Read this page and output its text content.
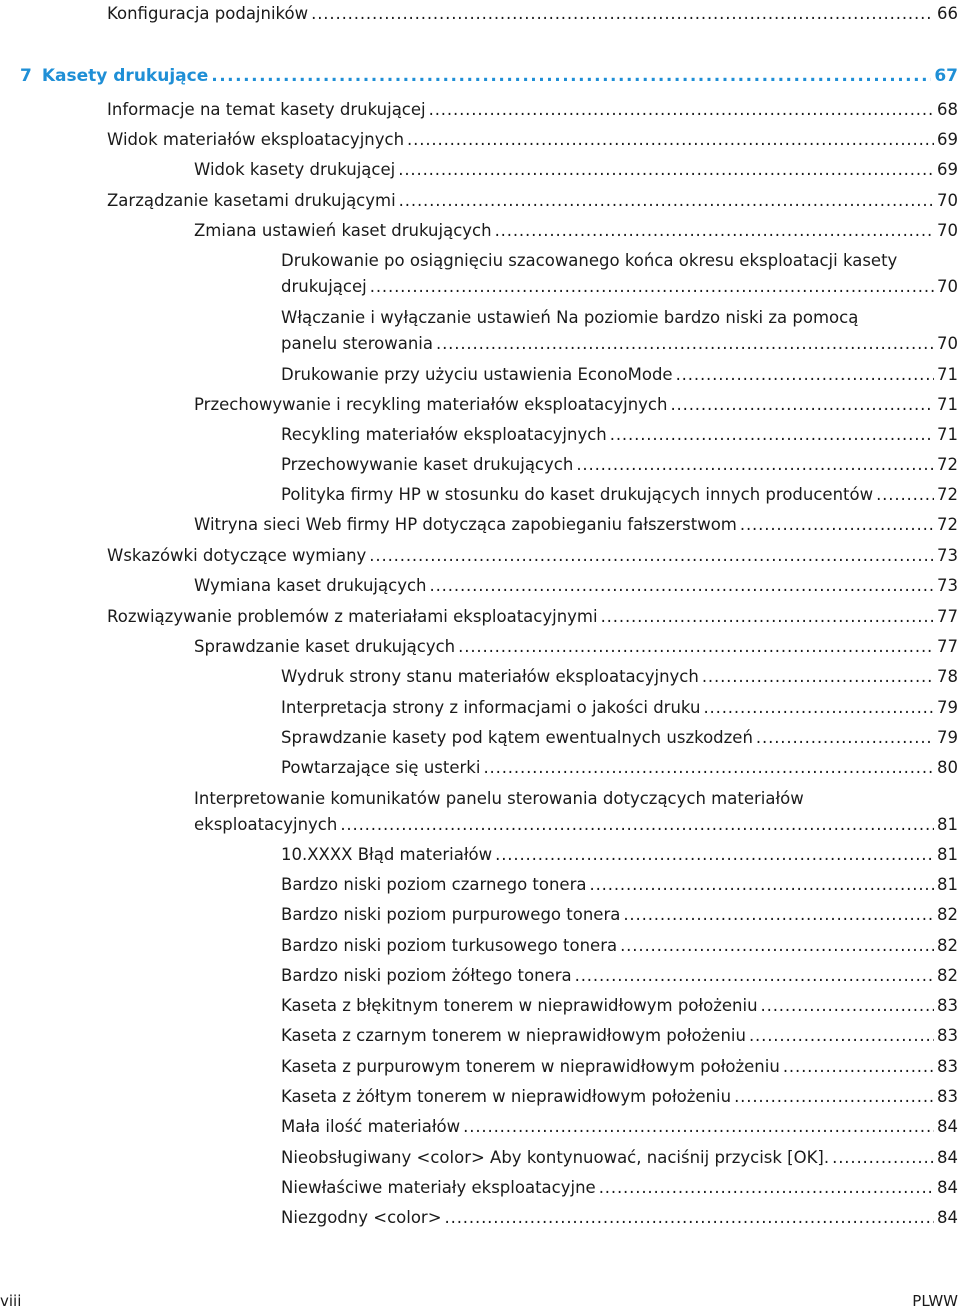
Konfiguracja podajników . . .	66
7 Kasety drukujące . . .	67
Informacje na temat kasety drukującej . . .	68
Widok materiałów eksploatacyjnych . . .	69
Widok kasety drukującej . . .	69
Zarządzanie kasetami drukującymi . . .	70
Zmiana ustawień kaset drukujących . . .	70
Drukowanie po osiągnięciu szacowanego końca okresu eksploatacji kasety
drukującej . . .	70
Włączanie i wyłączanie ustawień Na poziomie bardzo niski za pomocą
panelu sterowania . . .	70
Drukowanie przy użyciu ustawienia EconoMode . . .	71
Przechowywanie i recykling materiałów eksploatacyjnych . . .	71
Recykling materiałów eksploatacyjnych . . .	71
Przechowywanie kaset drukujących . . .	72
Polityka firmy HP w stosunku do kaset drukujących innych producentów . . .	72
Witryna sieci Web firmy HP dotycząca zapobieganiu fałszerstwom . . .	72
Wskazówki dotyczące wymiany . . .	73
Wymiana kaset drukujących . . .	73
Rozwiązywanie problemów z materiałami eksploatacyjnymi . . .	77
Sprawdzanie kaset drukujących . . .	77
Wydruk strony stanu materiałów eksploatacyjnych . . .	78
Interpretacja strony z informacjami o jakości druku . . .	79
Sprawdzanie kasety pod kątem ewentualnych uszkodzeń . . .	79
Powtarzające się usterki . . .	80
Interpretowanie komunikatów panelu sterowania dotyczących materiałów
eksploatacyjnych . . .	81
10.XXXX Błąd materiałów . . .	81
Bardzo niski poziom czarnego tonera . . .	81
Bardzo niski poziom purpurowego tonera . . .	82
Bardzo niski poziom turkusowego tonera . . .	82
Bardzo niski poziom żółtego tonera . . .	82
Kaseta z błękitnym tonerem w nieprawidłowym położeniu . . .	83
Kaseta z czarnym tonerem w nieprawidłowym położeniu . . .	83
Kaseta z purpurowym tonerem w nieprawidłowym położeniu . . .	83
Kaseta z żółtym tonerem w nieprawidłowym położeniu . . .	83
Mała ilość materiałów . . .	84
Nieobsługiwany <color> Aby kontynuować, naciśnij przycisk [OK]. . . .	84
Niewłaściwe materiały eksploatacyjne . . .	84
Niezgodny <color> . . .	84
viii	PLWW
